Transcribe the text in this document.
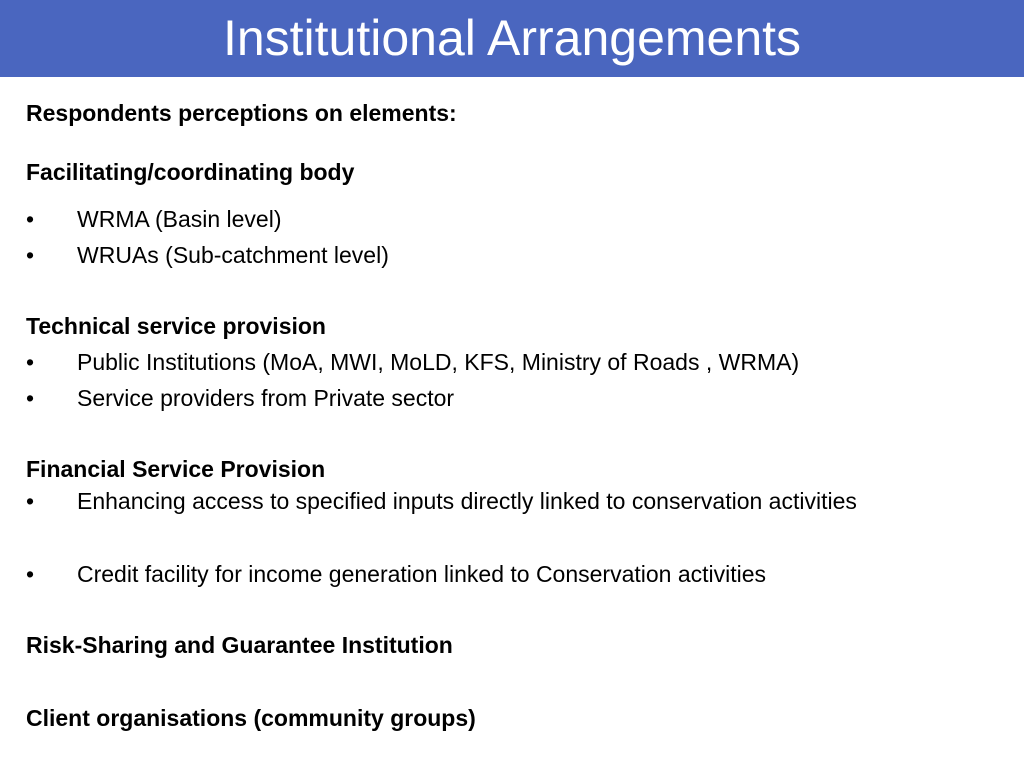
Institutional Arrangements
Respondents perceptions on elements:
Facilitating/coordinating body
• WRMA (Basin level)
• WRUAs (Sub-catchment level)
Technical service provision
• Public Institutions (MoA, MWI, MoLD, KFS, Ministry of Roads , WRMA)
• Service providers from Private sector
Financial Service Provision
• Enhancing access to specified inputs directly linked to conservation activities
• Credit facility for income generation linked to Conservation activities
Risk-Sharing and Guarantee Institution
Client organisations (community groups)
